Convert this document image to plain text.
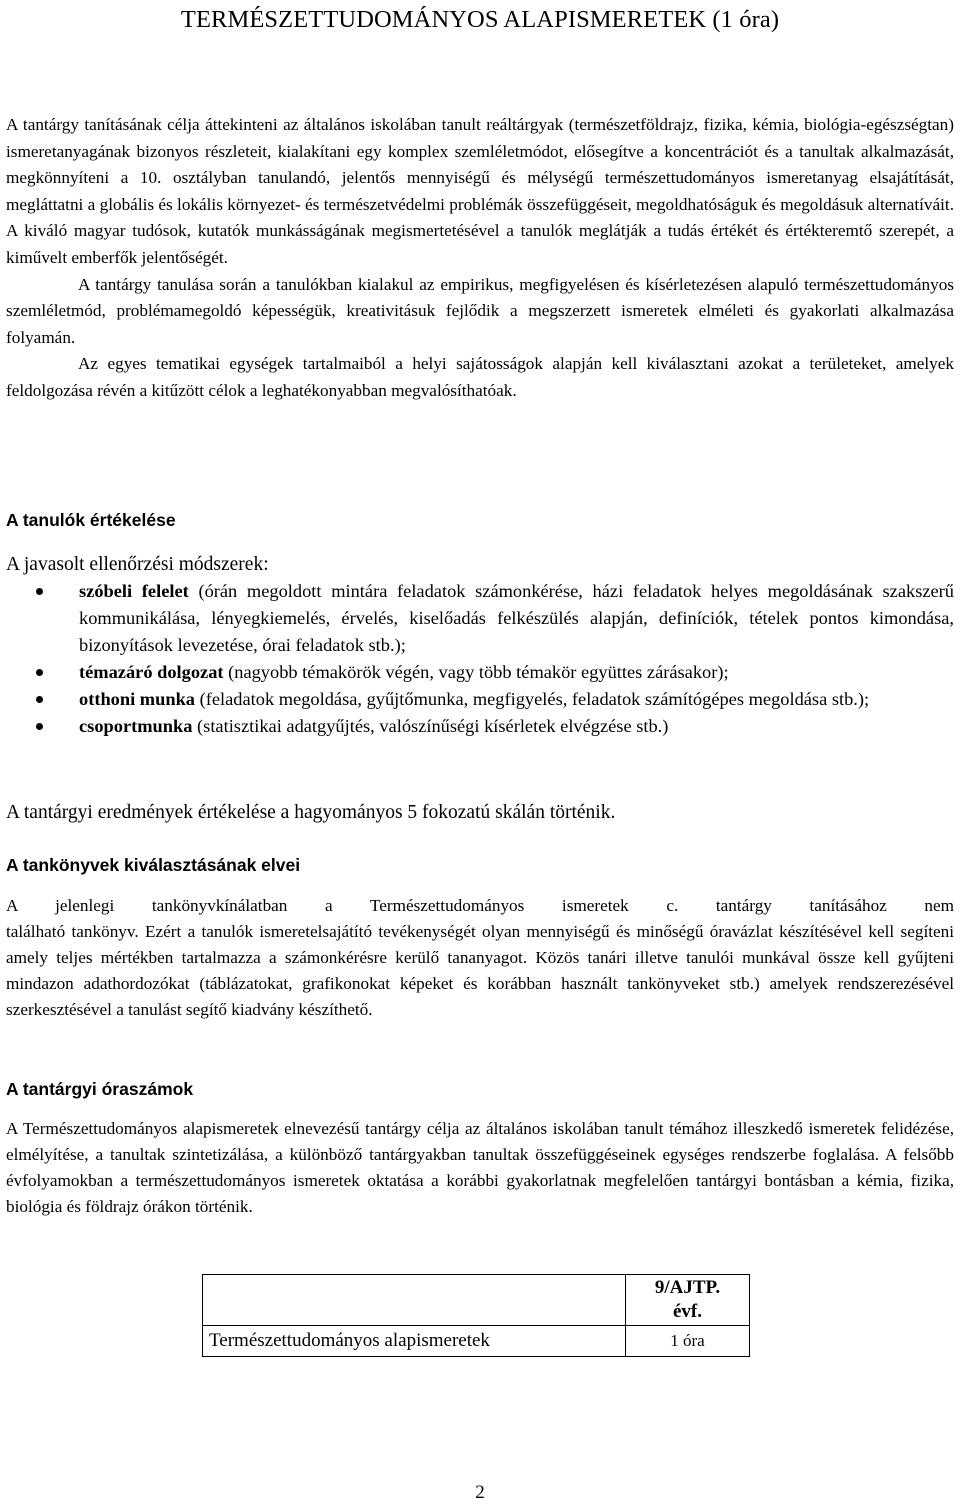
TERMÉSZETTUDOMÁNYOS ALAPISMERETEK (1 óra)

A tantárgy tanításának célja áttekinteni az általános iskolában tanult reáltárgyak (természetföldrajz, fizika, kémia, biológia-egészségtan) ismeretanyagának bizonyos részleteit, kialakítani egy komplex szemléletmódot, elősegítve a koncentrációt és a tanultak alkalmazását, megkönnyíteni a 10. osztályban tanulandó, jelentős mennyiségű és mélységű természettudományos ismeretanyag elsajátítását, megláttatni a globális és lokális környezet- és természetvédelmi problémák összefüggéseit, megoldhatóságuk és megoldásuk alternatíváit. A kiváló magyar tudósok, kutatók munkásságának megismertetésével a tanulók meglátják a tudás értékét és értékteremtő szerepét, a kiművelt emberfők jelentőségét.

A tantárgy tanulása során a tanulókban kialakul az empirikus, megfigyelésen és kísérletezésen alapuló természettudományos szemléletmód, problémamegoldó képességük, kreativitásuk fejlődik a megszerzett ismeretek elméleti és gyakorlati alkalmazása folyamán.

Az egyes tematikai egységek tartalmaiból a helyi sajátosságok alapján kell kiválasztani azokat a területeket, amelyek feldolgozása révén a kitűzött célok a leghatékonyabban megvalósíthatóak.

A tanulók értékelése
A javasolt ellenőrzési módszerek:
szóbeli felelet (órán megoldott mintára feladatok számonkérése, házi feladatok helyes megoldásának szakszerű kommunikálása, lényegkiemelés, érvelés, kiselőadás felkészülés alapján, definíciók, tételek pontos kimondása, bizonyítások levezetése, órai feladatok stb.);
témazáró dolgozat (nagyobb témakörök végén, vagy több témakör együttes zárásakor);
otthoni munka (feladatok megoldása, gyűjtőmunka, megfigyelés, feladatok számítógépes megoldása stb.);
csoportmunka (statisztikai adatgyűjtés, valószínűségi kísérletek elvégzése stb.)
A tantárgyi eredmények értékelése a hagyományos 5 fokozatú skálán történik.
A tankönyvek kiválasztásának elvei

A jelenlegi tankönyvkínálatban a Természettudományos ismeretek c. tantárgy tanításához nem

található tankönyv. Ezért a tanulók ismeretelsajátító tevékenységét olyan mennyiségű és minőségű óravázlat készítésével kell segíteni amely teljes mértékben tartalmazza a számonkérésre kerülő tananyagot. Közös tanári illetve tanulói munkával össze kell gyűjteni mindazon adathordozókat (táblázatokat, grafikonokat képeket és korábban használt tankönyveket stb.) amelyek rendszerezésével szerkesztésével a tanulást segítő kiadvány készíthető.

A tantárgyi óraszámok

A Természettudományos alapismeretek elnevezésű tantárgy célja az általános iskolában tanult témához illeszkedő ismeretek felidézése, elmélyítése, a tanultak szintetizálása, a különböző tantárgyakban tanultak összefüggéseinek egységes rendszerbe foglalása. A felsőbb évfolyamokban a természettudományos ismeretek oktatása a korábbi gyakorlatnak megfelelően tantárgyi bontásban a kémia, fizika, biológia és földrajz órákon történik.

	9/AJTP.
évf.

Természettudományos alapismeretek	1 óra
2
